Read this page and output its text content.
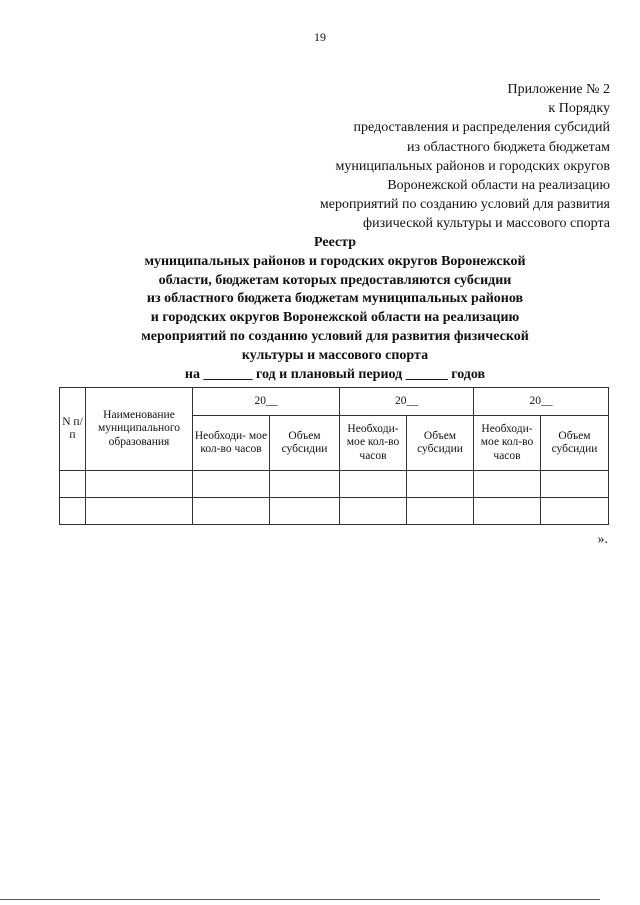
19
Приложение № 2
к Порядку
предоставления и распределения субсидий
из областного бюджета бюджетам
муниципальных районов и городских округов
Воронежской области на реализацию
мероприятий по созданию условий для развития
физической культуры и массового спорта
Реестр
муниципальных районов и городских округов Воронежской
области, бюджетам которых предоставляются субсидии
из областного бюджета бюджетам муниципальных районов
и городских округов Воронежской области на реализацию
мероприятий по созданию условий для развития физической
культуры и массового спорта
на _______ год и плановый период ______ годов
N п/п	Наименование муниципального образования	20__		20__		20__	
		Необходи- мое кол-во часов	Объем субсидии	Необходи- мое кол-во часов	Объем субсидии	Необходи- мое кол-во часов	Объем субсидии

».
